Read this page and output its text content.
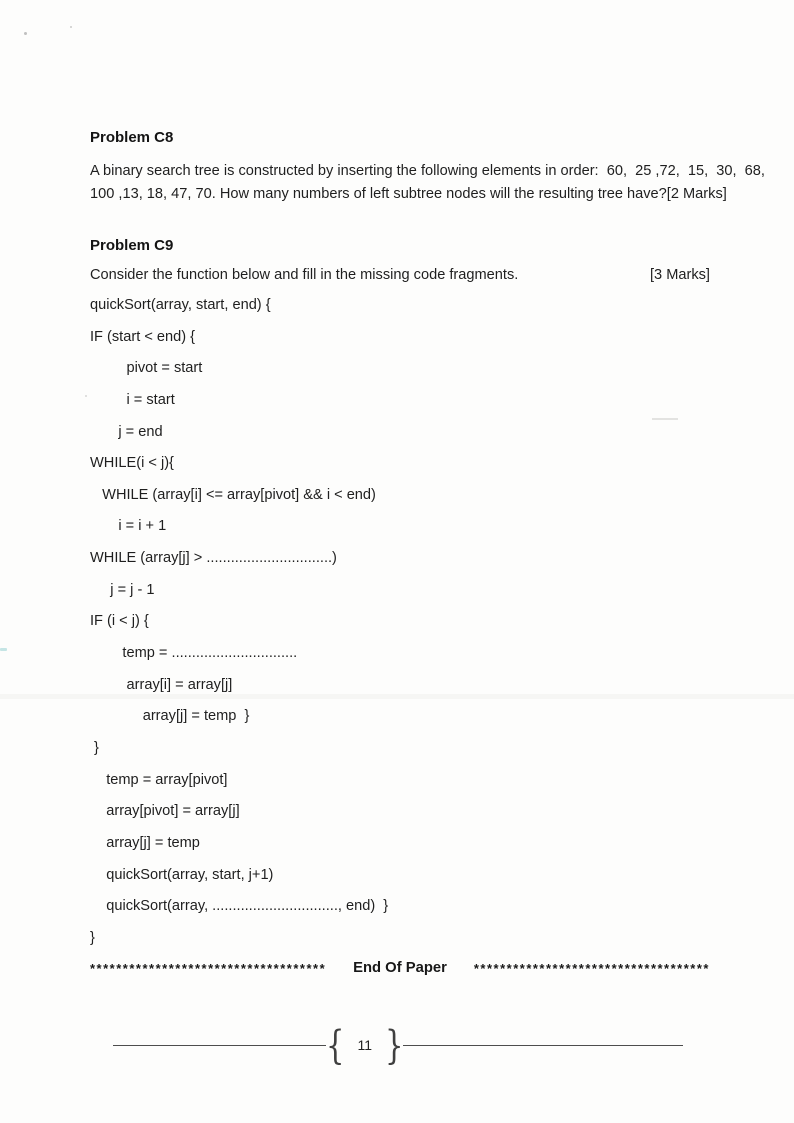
Problem C8
A binary search tree is constructed by inserting the following elements in order:  60,  25 ,72,  15,  30,  68,
100 ,13, 18, 47, 70. How many numbers of left subtree nodes will the resulting tree have? [2 Marks]
Problem C9
Consider the function below and fill in the missing code fragments.	[3 Marks]
quickSort(array, start, end) {
IF (start < end) {
pivot = start
i = start
j = end
WHILE(i < j){
WHILE (array[i] <= array[pivot] && i < end)
i = i + 1
WHILE (array[j] > ...............................)
j = j - 1
IF (i < j) {
temp = ...............................
array[i] = array[j]
array[j] = temp  }
}
temp = array[pivot]
array[pivot] = array[j]
array[j] = temp
quickSort(array, start, j+1)
quickSort(array, ..............................., end)  }
}
************************************ End Of Paper	************************************
{ 11 }
